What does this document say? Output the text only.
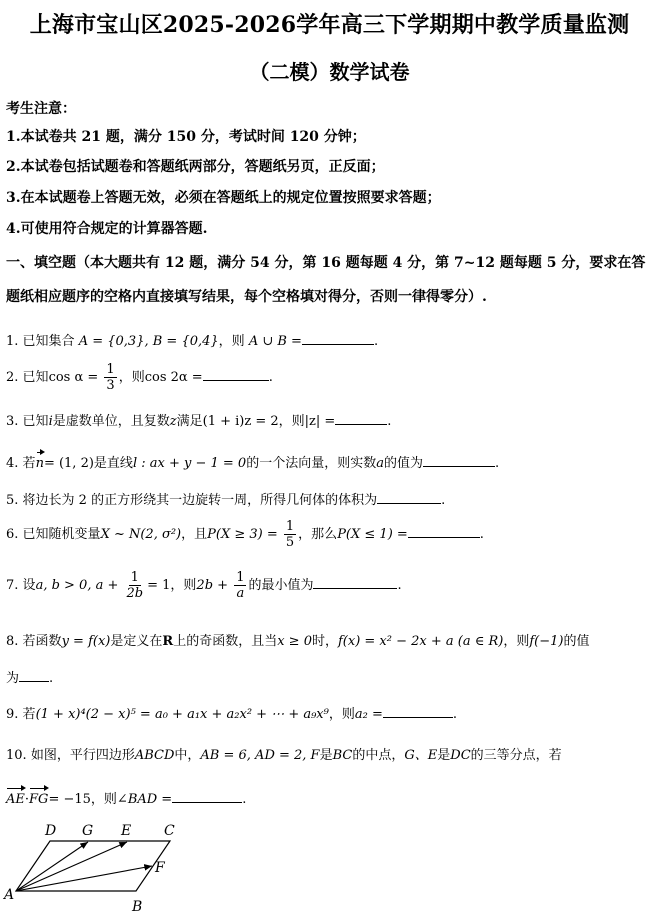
上海市宝山区2025-2026学年高三下学期期中教学质量监测
（二模）数学试卷
考生注意：
1.本试卷共 21 题，满分 150 分，考试时间 120 分钟；
2.本试卷包括试题卷和答题纸两部分，答题纸另页，正反面；
3.在本试题卷上答题无效，必须在答题纸上的规定位置按照要求答题；
4.可使用符合规定的计算器答题.
一、填空题（本大题共有 12 题，满分 54 分，第 16 题每题 4 分，第 7~12 题每题 5 分，要求在答题纸相应题序的空格内直接填写结果，每个空格填对得分，否则一律得零分）.
1. 已知集合 A = {0,3}, B = {0,4}，则 A ∪ B =	.
2. 已知$\cos \alpha = \frac{1}{3}$ ，则cos 2α =	.
3. 已知i是虚数单位，且复数z满足(1 + i)z = 2，则|z| =	.
4. 若n= (1, 2)是直线l : ax + y − 1 = 0的一个法向量，则实数a的值为	.
5. 将边长为 2 的正方形绕其一边旋转一周，所得几何体的体积为	.
6. 已知随机变量X ~ N(2, σ²)，且$P(X \ge 3) = \frac{1}{5}$ ，那么P(X ≤ 1) =	.
7. 设a, b > 0, $a + \frac{1}{2b} = 1$，则$2b + \frac{1}{a}$ 的最小值为	.
8. 若函数y = f(x)是定义在R上的奇函数，且当x ≥ 0时，f(x) = x² − 2x + a (a ∈ R)，则f(−1)的值
为 .
9. 若(1 + x)⁴(2 − x)⁵ = a₀ + a₁x + a₂x² + ⋯ + a₉x⁹，则a₂ =	.
10. 如图，平行四边形ABCD中，AB = 6, AD = 2, F是BC的中点，G、E是DC的三等分点，若
AE·FG= −15，则∠BAD =	.
D G E C
A
B
F
